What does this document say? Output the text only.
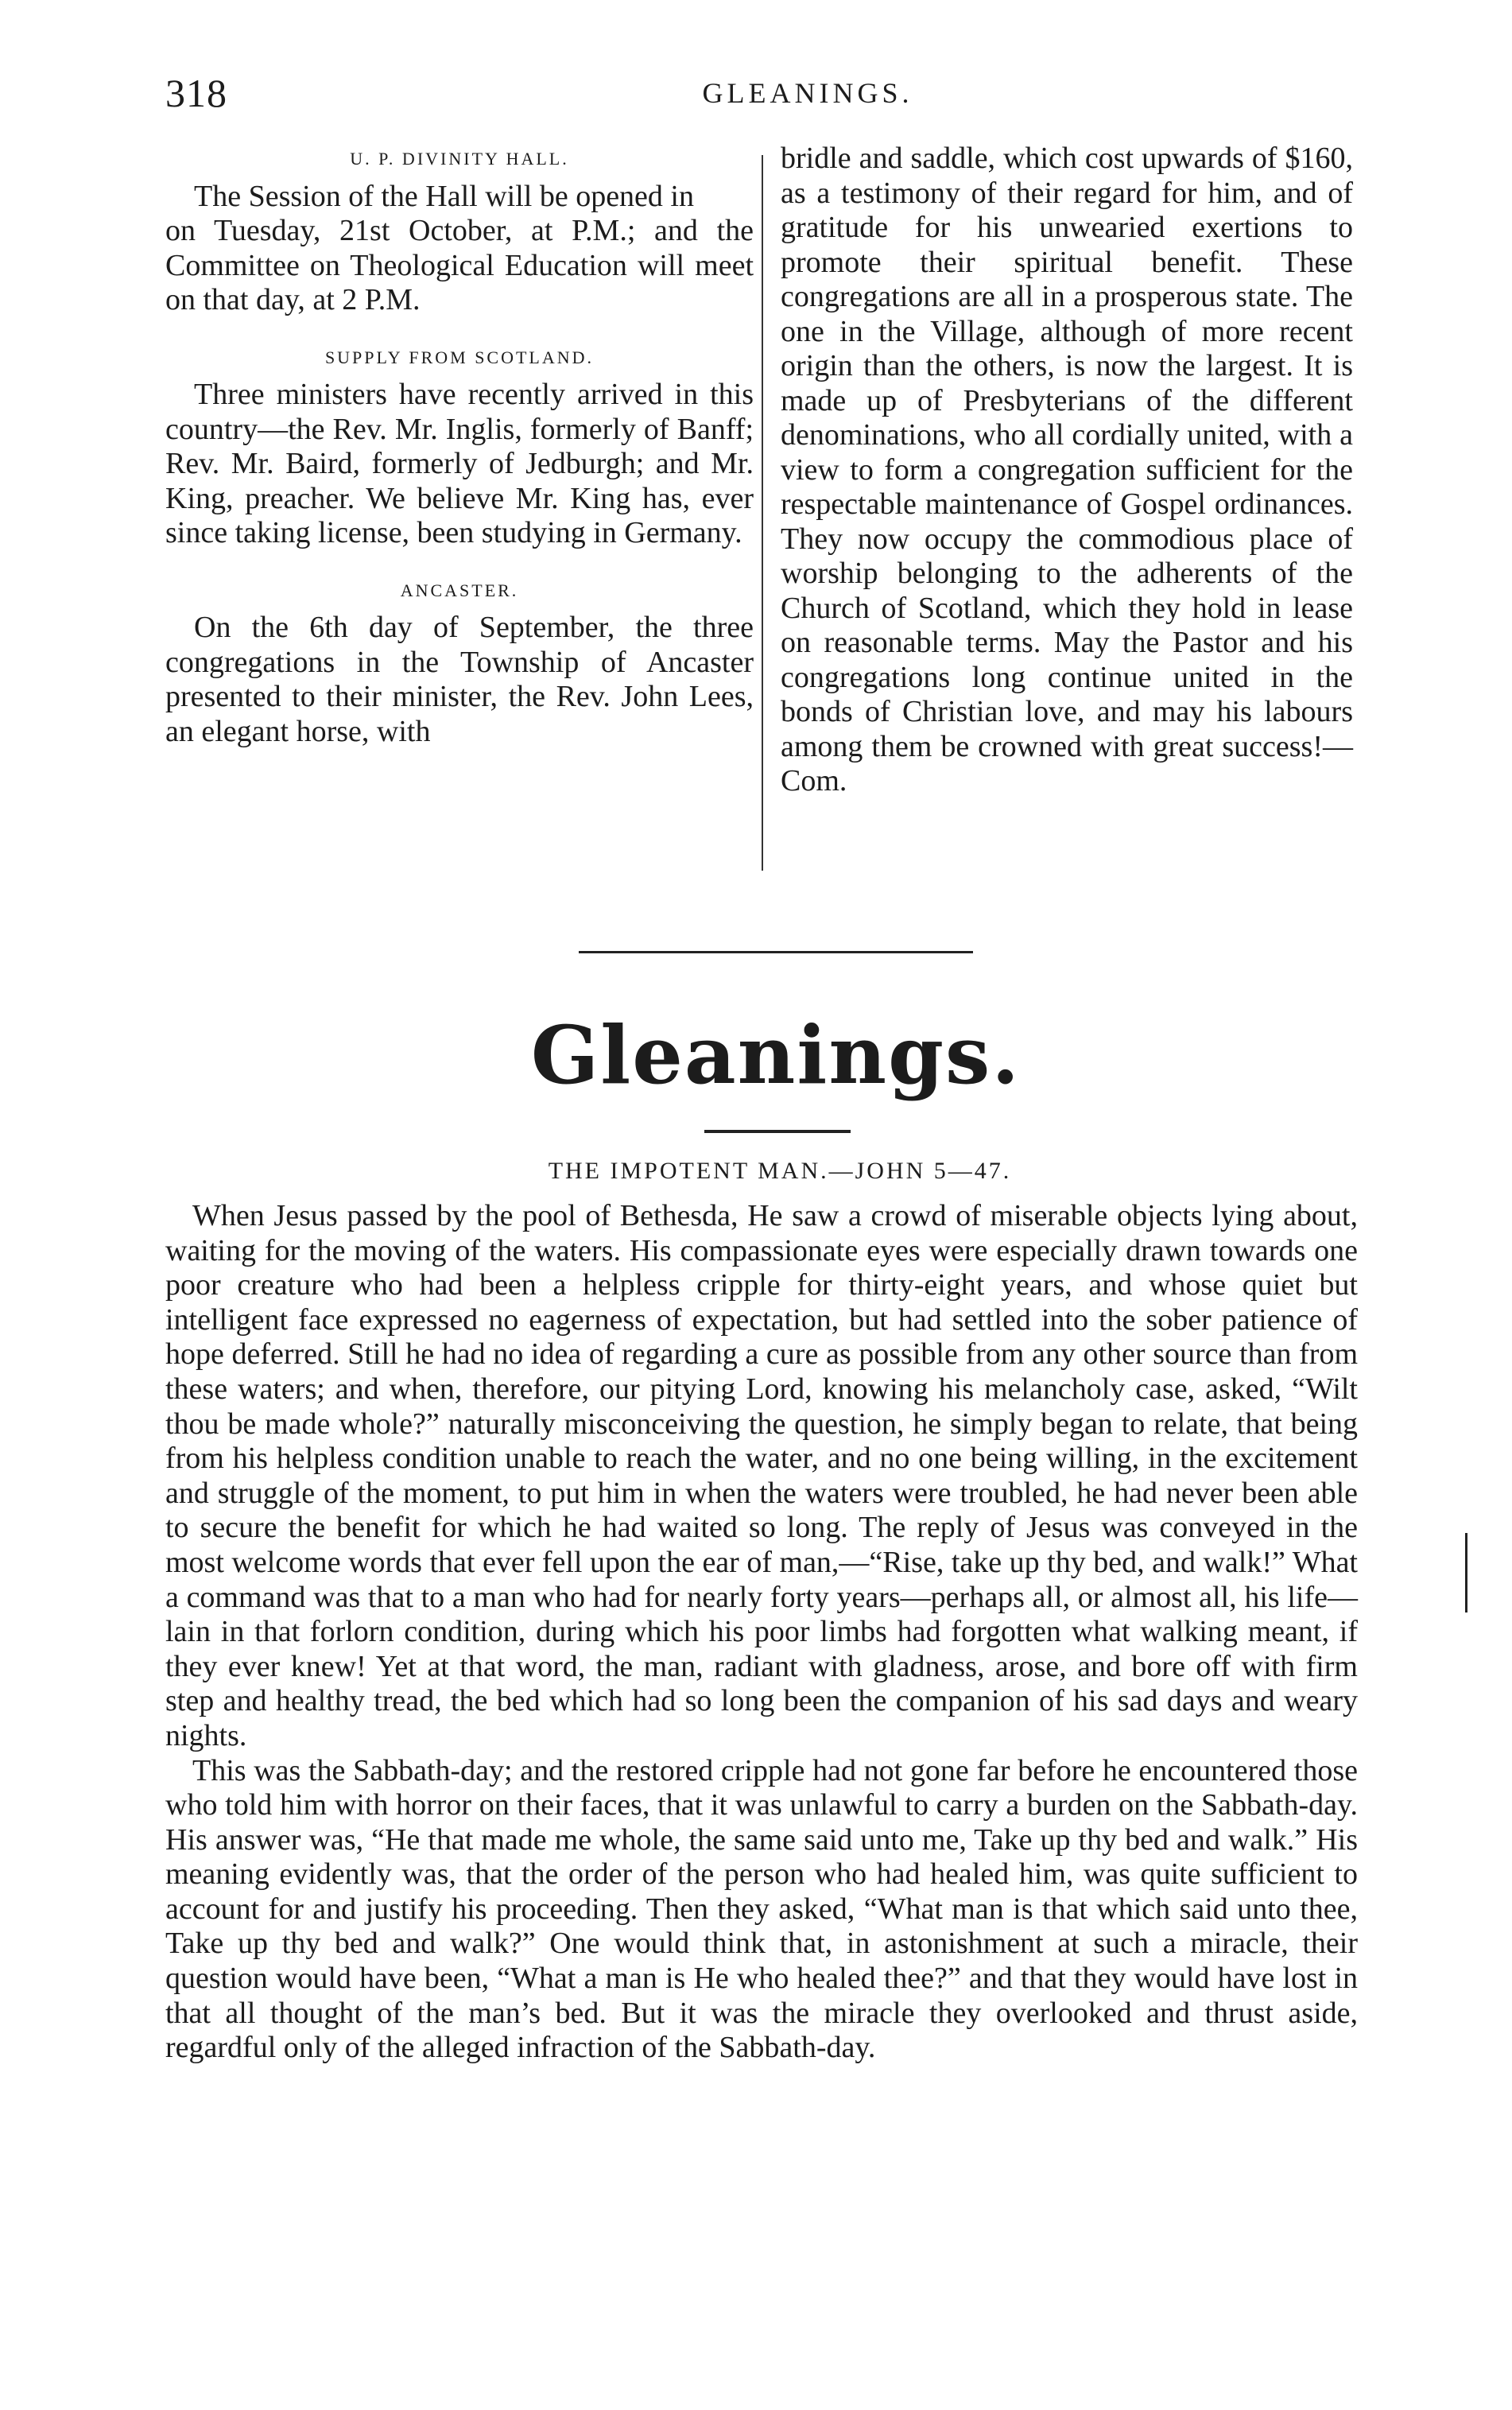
318	GLEANINGS.
U. P. DIVINITY HALL.

The Session of the Hall will be opened in

on Tuesday, 21st October, at P.M.; and the Committee on Theological Education will meet on that day, at 2 P.M.

SUPPLY FROM SCOTLAND.

Three ministers have recently arrived in this country—the Rev. Mr. Inglis, formerly of Banff; Rev. Mr. Baird, formerly of Jedburgh; and Mr. King, preacher. We believe Mr. King has, ever since taking license, been studying in Germany.

ANCASTER.

On the 6th day of September, the three congregations in the Township of Ancaster presented to their minister, the Rev. John Lees, an elegant horse, with

bridle and saddle, which cost upwards of $160, as a testimony of their regard for him, and of gratitude for his unwearied exertions to promote their spiritual benefit. These congregations are all in a prosperous state. The one in the Village, although of more recent origin than the others, is now the largest. It is made up of Presbyterians of the different denominations, who all cordially united, with a view to form a congregation sufficient for the respectable maintenance of Gospel ordinances. They now occupy the commodious place of worship belonging to the adherents of the Church of Scotland, which they hold in lease on reasonable terms. May the Pastor and his congregations long continue united in the bonds of Christian love, and may his labours among them be crowned with great success!—Com.

Gleanings.
THE IMPOTENT MAN.—JOHN 5—47.

When Jesus passed by the pool of Bethesda, He saw a crowd of miserable objects lying about, waiting for the moving of the waters. His compassionate eyes were especially drawn towards one poor creature who had been a helpless cripple for thirty-eight years, and whose quiet but intelligent face expressed no eagerness of expectation, but had settled into the sober patience of hope deferred. Still he had no idea of regarding a cure as possible from any other source than from these waters; and when, therefore, our pitying Lord, knowing his melancholy case, asked, “Wilt thou be made whole?” naturally misconceiving the question, he simply began to relate, that being from his helpless condition unable to reach the water, and no one being willing, in the excitement and struggle of the moment, to put him in when the waters were troubled, he had never been able to secure the benefit for which he had waited so long. The reply of Jesus was conveyed in the most welcome words that ever fell upon the ear of man,—“Rise, take up thy bed, and walk!” What a command was that to a man who had for nearly forty years—perhaps all, or almost all, his life—lain in that forlorn condition, during which his poor limbs had forgotten what walking meant, if they ever knew! Yet at that word, the man, radiant with gladness, arose, and bore off with firm step and healthy tread, the bed which had so long been the companion of his sad days and weary nights.

This was the Sabbath-day; and the restored cripple had not gone far before he encountered those who told him with horror on their faces, that it was unlawful to carry a burden on the Sabbath-day. His answer was, “He that made me whole, the same said unto me, Take up thy bed and walk.” His meaning evidently was, that the order of the person who had healed him, was quite sufficient to account for and justify his proceeding. Then they asked, “What man is that which said unto thee, Take up thy bed and walk?” One would think that, in astonishment at such a miracle, their question would have been, “What a man is He who healed thee?” and that they would have lost in that all thought of the man’s bed. But it was the miracle they overlooked and thrust aside, regardful only of the alleged infraction of the Sabbath-day.
